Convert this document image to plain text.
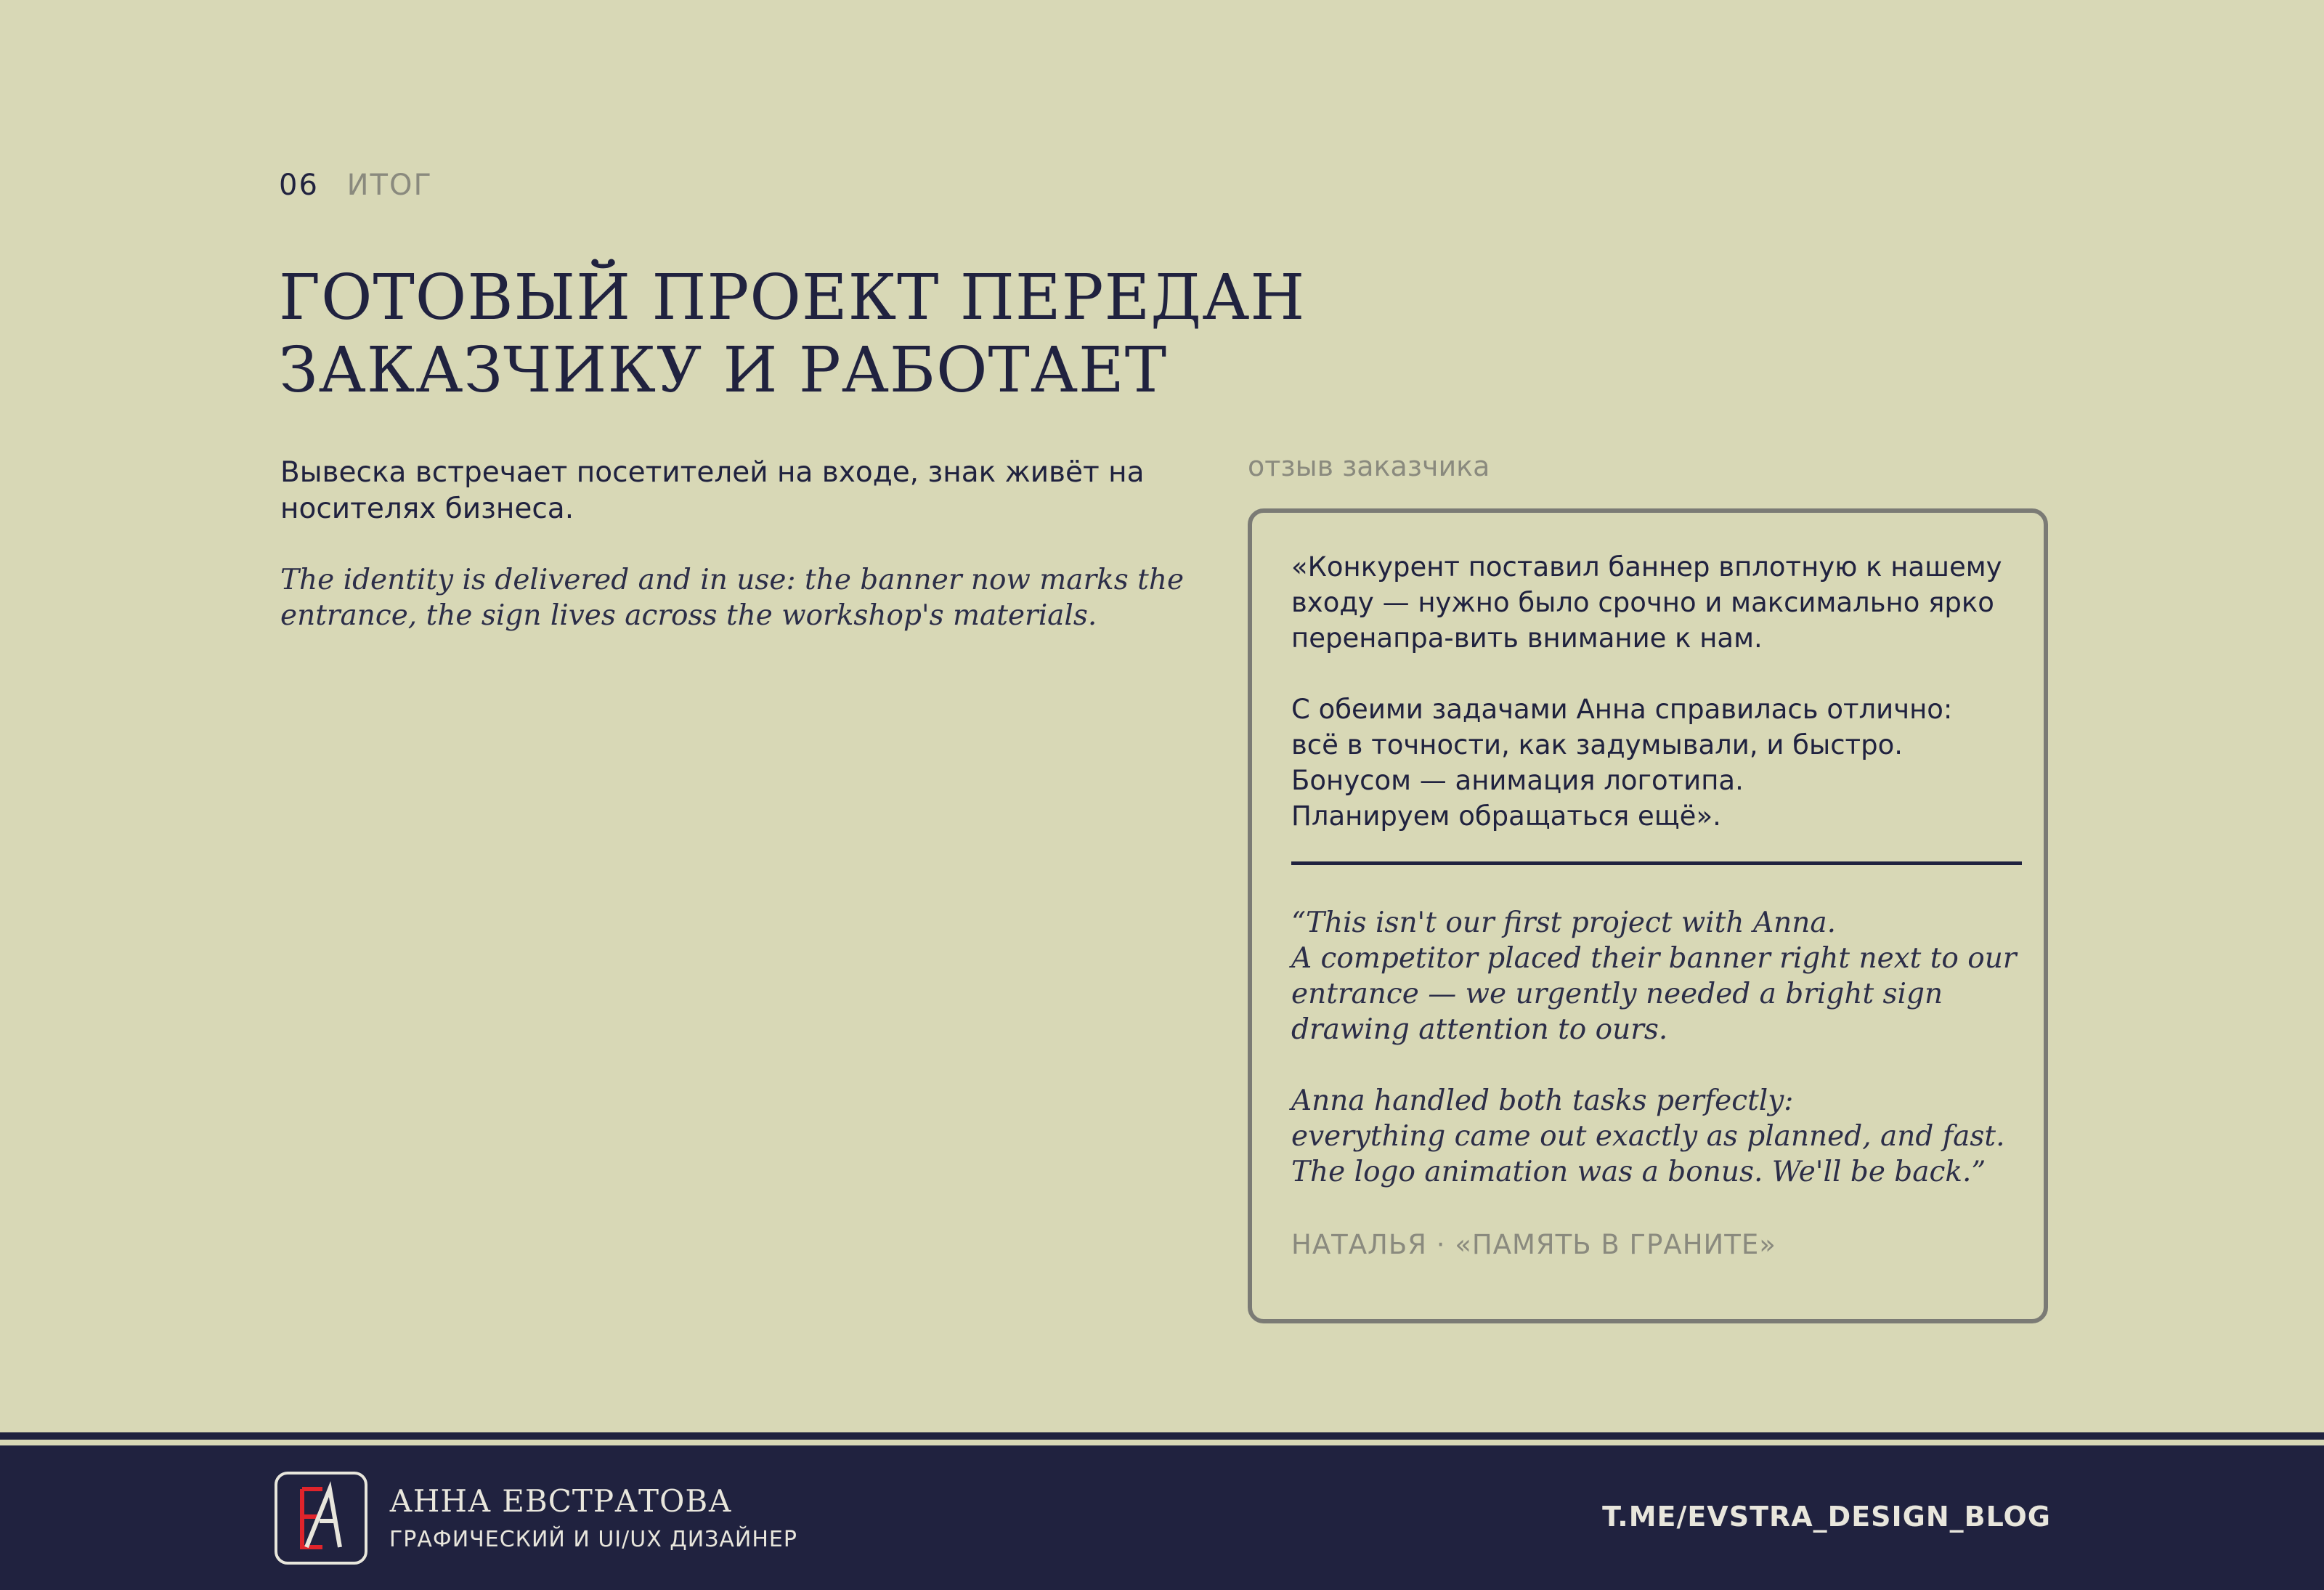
06 ИТОГ
ГОТОВЫЙ ПРОЕКТ ПЕРЕДАН
ЗАКАЗЧИКУ И РАБОТАЕТ

Вывеска встречает посетителей на входе, знак живёт на носителях бизнеса.

The identity is delivered and in use: the banner now marks the entrance, the sign lives across the workshop's materials.

отзыв заказчика

«Конкурент поставил баннер вплотную к нашему входу — нужно было срочно и максимально ярко перенапра-вить внимание к нам.

С обеими задачами Анна справилась отлично:
всё в точности, как задумывали, и быстро.
Бонусом — анимация логотипа.
Планируем обращаться ещё».

“This isn't our first project with Anna.
A competitor placed their banner right next to our entrance — we urgently needed a bright sign drawing attention to ours.

Anna handled both tasks perfectly:
everything came out exactly as planned, and fast.
The logo animation was a bonus. We'll be back.”

НАТАЛЬЯ · «ПАМЯТЬ В ГРАНИТЕ»
АННА ЕВСТРАТОВА
ГРАФИЧЕСКИЙ И UI/UX ДИЗАЙНЕР
T.ME/EVSTRA_DESIGN_BLOG
